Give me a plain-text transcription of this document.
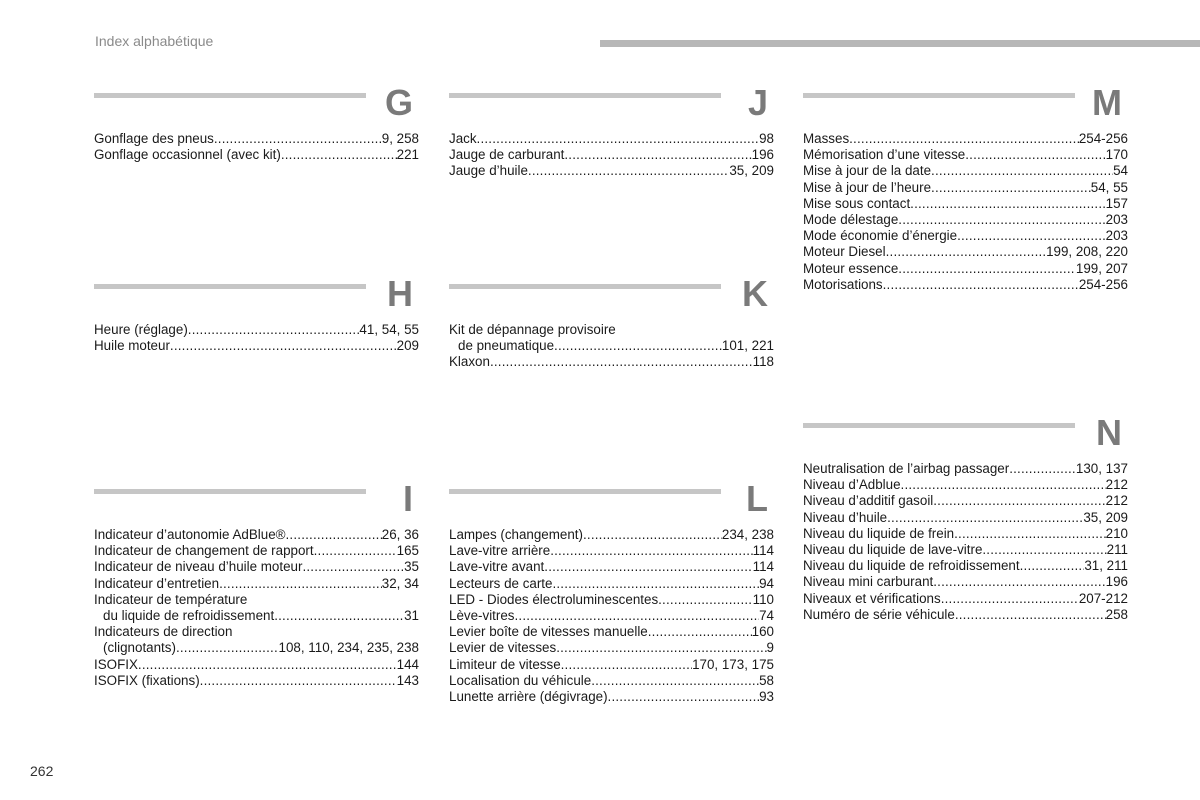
Index alphabétique
G
Gonflage des pneus .....	9, 258
Gonflage occasionnel (avec kit) .....	221
H
Heure (réglage) .....	41, 54, 55
Huile moteur .....	209
I
Indicateur d’autonomie AdBlue® .....	26, 36
Indicateur de changement de rapport .....	165
Indicateur de niveau d’huile moteur .....	35
Indicateur d’entretien .....	32, 34
Indicateur de température
du liquide de refroidissement .....	31
Indicateurs de direction
(clignotants) .....	108, 110, 234, 235, 238
ISOFIX .....	144
ISOFIX (fixations) .....	143
J
Jack .....	98
Jauge de carburant .....	196
Jauge d’huile .....	35, 209
K
Kit de dépannage provisoire
de pneumatique .....	101, 221
Klaxon .....	118
L
Lampes (changement) .....	234, 238
Lave-vitre arrière .....	114
Lave-vitre avant .....	114
Lecteurs de carte .....	94
LED - Diodes électroluminescentes .....	110
Lève-vitres .....	74
Levier boîte de vitesses manuelle .....	160
Levier de vitesses .....	9
Limiteur de vitesse .....	170, 173, 175
Localisation du véhicule .....	58
Lunette arrière (dégivrage) .....	93
M
Masses .....	254-256
Mémorisation d’une vitesse .....	170
Mise à jour de la date .....	54
Mise à jour de l’heure .....	54, 55
Mise sous contact .....	157
Mode délestage .....	203
Mode économie d’énergie .....	203
Moteur Diesel .....	199, 208, 220
Moteur essence .....	199, 207
Motorisations .....	254-256
N
Neutralisation de l’airbag passager .....	130, 137
Niveau d’Adblue .....	212
Niveau d’additif gasoil .....	212
Niveau d’huile .....	35, 209
Niveau du liquide de frein .....	210
Niveau du liquide de lave-vitre .....	211
Niveau du liquide de refroidissement .....	31, 211
Niveau mini carburant .....	196
Niveaux et vérifications .....	207-212
Numéro de série véhicule .....	258
262
